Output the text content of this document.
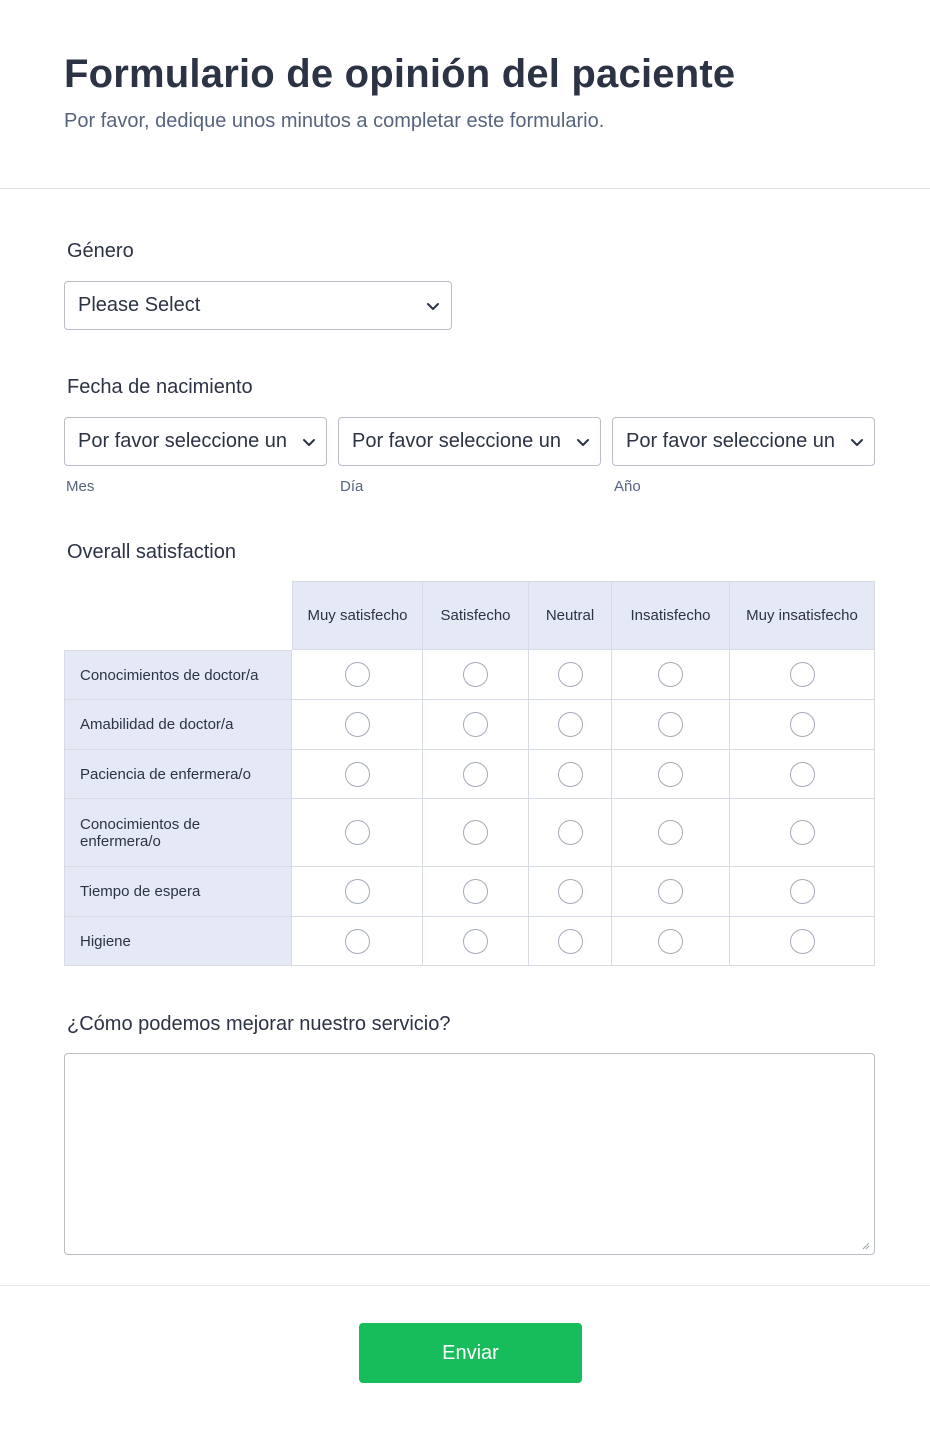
Formulario de opinión del paciente
Por favor, dedique unos minutos a completar este formulario.
Género
Please Select
Fecha de nacimiento
Por favor seleccione un	Por favor seleccione un	Por favor seleccione un
Mes	Día	Año
Overall satisfaction
Muy satisfecho	Satisfecho	Neutral	Insatisfecho	Muy insatisfecho
Conocimientos de doctor/a
Amabilidad de doctor/a
Paciencia de enfermera/o
Conocimientos de enfermera/o
Tiempo de espera
Higiene
¿Cómo podemos mejorar nuestro servicio?
Enviar
